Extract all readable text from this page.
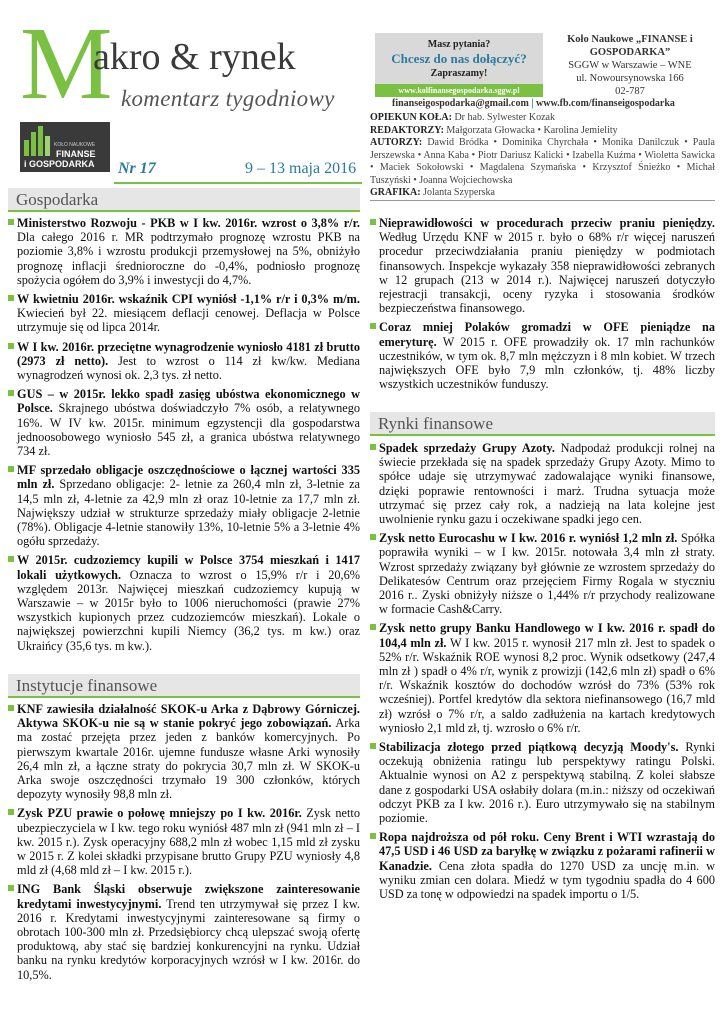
M
akro & rynek
komentarz tygodniowy
KOŁO NAUKOWE
FINANSE
i GOSPODARKA Nr 17	9 – 13 maja 2016
Masz pytania?
Chcesz do nas dołączyć?
Zapraszamy!
www.kolfinansegospodarka.sggw.pl
Koło Naukowe „FINANSE i GOSPODARKA”
SGGW w Warszawie – WNE
ul. Nowoursynowska 166
02-787
finanseigospodarka@gmail.com | www.fb.com/finanseigospodarka
OPIEKUN KOŁA: Dr hab. Sylwester Kozak
REDAKTORZY: Małgorzata Głowacka • Karolina Jemielity
AUTORZY: Dawid Bródka • Dominika Chyrchała • Monika Danilczuk • Paula Jerszewska • Anna Kaba • Piotr Dariusz Kalicki • Izabella Kuźma • Wioletta Sawicka • Maciek Sokołowski • Magdalena Szymańska • Krzysztof Śnieżko • Michał Tuszyński • Joanna Wojciechowska
GRAFIKA: Jolanta Szyperska
Gospodarka
Ministerstwo Rozwoju - PKB w I kw. 2016r. wzrost o 3,8% r/r. Dla całego 2016 r. MR podtrzymało prognozę wzrostu PKB na poziomie 3,8% i wzrostu produkcji przemysłowej na 5%, obniżyło prognozę inflacji średnioroczne do -0,4%, podniosło prognozę spożycia ogółem do 3,9% i inwestycji do 4,7%.
W kwietniu 2016r. wskaźnik CPI wyniósł -1,1% r/r i 0,3% m/m. Kwiecień był 22. miesiącem deflacji cenowej. Deflacja w Polsce utrzymuje się od lipca 2014r.
W I kw. 2016r. przeciętne wynagrodzenie wyniosło 4181 zł brutto (2973 zł netto). Jest to wzrost o 114 zł kw/kw. Mediana wynagrodzeń wynosi ok. 2,3 tys. zł netto.
GUS – w 2015r. lekko spadł zasięg ubóstwa ekonomicznego w Polsce. Skrajnego ubóstwa doświadczyło 7% osób, a relatywnego 16%. W IV kw. 2015r. minimum egzystencji dla gospodarstwa jednoosobowego wyniosło 545 zł, a granica ubóstwa relatywnego 734 zł.
MF sprzedało obligacje oszczędnościowe o łącznej wartości 335 mln zł. Sprzedano obligacje: 2- letnie za 260,4 mln zł, 3-letnie za 14,5 mln zł, 4-letnie za 42,9 mln zł oraz 10-letnie za 17,7 mln zł. Największy udział w strukturze sprzedaży miały obligacje 2-letnie (78%). Obligacje 4-letnie stanowiły 13%, 10-letnie 5% a 3-letnie 4% ogółu sprzedaży.
W 2015r. cudzoziemcy kupili w Polsce 3754 mieszkań i 1417 lokali użytkowych. Oznacza to wzrost o 15,9% r/r i 20,6% względem 2013r. Najwięcej mieszkań cudzoziemcy kupują w Warszawie – w 2015r było to 1006 nieruchomości (prawie 27% wszystkich kupionych przez cudzoziemców mieszkań). Lokale o największej powierzchni kupili Niemcy (36,2 tys. m kw.) oraz Ukraińcy (35,6 tys. m kw.).
Instytucje finansowe
KNF zawiesiła działalność SKOK-u Arka z Dąbrowy Górniczej. Aktywa SKOK-u nie są w stanie pokryć jego zobowiązań. Arka ma zostać przejęta przez jeden z banków komercyjnych. Po pierwszym kwartale 2016r. ujemne fundusze własne Arki wynosiły 26,4 mln zł, a łączne straty do pokrycia 30,7 mln zł. W SKOK-u Arka swoje oszczędności trzymało 19 300 członków, których depozyty wynosiły 98,8 mln zł.
Zysk PZU prawie o połowę mniejszy po I kw. 2016r. Zysk netto ubezpieczyciela w I kw. tego roku wyniósł 487 mln zł (941 mln zł – I kw. 2015 r.). Zysk operacyjny 688,2 mln zł wobec 1,15 mld zł zysku w 2015 r. Z kolei składki przypisane brutto Grupy PZU wyniosły 4,8 mld zł (4,68 mld zł – I kw. 2015 r.).
ING Bank Śląski obserwuje zwiększone zainteresowanie kredytami inwestycyjnymi. Trend ten utrzymywał się przez I kw. 2016 r. Kredytami inwestycyjnymi zainteresowane są firmy o obrotach 100-300 mln zł. Przedsiębiorcy chcą ulepszać swoją ofertę produktową, aby stać się bardziej konkurencyjni na rynku. Udział banku na rynku kredytów korporacyjnych wzrósł w I kw. 2016r. do 10,5%.
Nieprawidłowości w procedurach przeciw praniu pieniędzy. Według Urzędu KNF w 2015 r. było o 68% r/r więcej naruszeń procedur przeciwdziałania praniu pieniędzy w podmiotach finansowych. Inspekcje wykazały 358 nieprawidłowości zebranych w 12 grupach (213 w 2014 r.). Najwięcej naruszeń dotyczyło rejestracji transakcji, oceny ryzyka i stosowania środków bezpieczeństwa finansowego.
Coraz mniej Polaków gromadzi w OFE pieniądze na emeryturę. W 2015 r. OFE prowadziły ok. 17 mln rachunków uczestników, w tym ok. 8,7 mln mężczyzn i 8 mln kobiet. W trzech największych OFE było 7,9 mln członków, tj. 48% liczby wszystkich uczestników funduszy.
Rynki finansowe
Spadek sprzedaży Grupy Azoty. Nadpodaż produkcji rolnej na świecie przekłada się na spadek sprzedaży Grupy Azoty. Mimo to spółce udaje się utrzymywać zadowalające wyniki finansowe, dzięki poprawie rentowności i marż. Trudna sytuacja może utrzymać się przez cały rok, a nadzieją na lata kolejne jest uwolnienie rynku gazu i oczekiwane spadki jego cen.
Zysk netto Eurocashu w I kw. 2016 r. wyniósł 1,2 mln zł. Spółka poprawiła wyniki – w I kw. 2015r. notowała 3,4 mln zł straty. Wzrost sprzedaży związany był głównie ze wzrostem sprzedaży do Delikatesów Centrum oraz przejęciem Firmy Rogala w styczniu 2016 r.. Zyski obniżyły niższe o 1,44% r/r przychody realizowane w formacie Cash&Carry.
Zysk netto grupy Banku Handlowego w I kw. 2016 r. spadł do 104,4 mln zł. W I kw. 2015 r. wynosił 217 mln zł. Jest to spadek o 52% r/r. Wskaźnik ROE wynosi 8,2 proc. Wynik odsetkowy (247,4 mln zł ) spadł o 4% r/r, wynik z prowizji (142,6 mln zł) spadł o 6% r/r. Wskaźnik kosztów do dochodów wzrósł do 73% (53% rok wcześniej). Portfel kredytów dla sektora niefinansowego (16,7 mld zł) wzrósł o 7% r/r, a saldo zadłużenia na kartach kredytowych wyniosło 2,1 mld zł, tj. wzrosło o 6% r/r.
Stabilizacja złotego przed piątkową decyzją Moody's. Rynki oczekują obniżenia ratingu lub perspektywy ratingu Polski. Aktualnie wynosi on A2 z perspektywą stabilną. Z kolei słabsze dane z gospodarki USA osłabiły dolara (m.in.: niższy od oczekiwań odczyt PKB za I kw. 2016 r.). Euro utrzymywało się na stabilnym poziomie.
Ropa najdroższa od pół roku. Ceny Brent i WTI wzrastają do 47,5 USD i 46 USD za baryłkę w związku z pożarami rafinerii w Kanadzie. Cena złota spadła do 1270 USD za uncję m.in. w wyniku zmian cen dolara. Miedź w tym tygodniu spadła do 4 600 USD za tonę w odpowiedzi na spadek importu o 1/5.
